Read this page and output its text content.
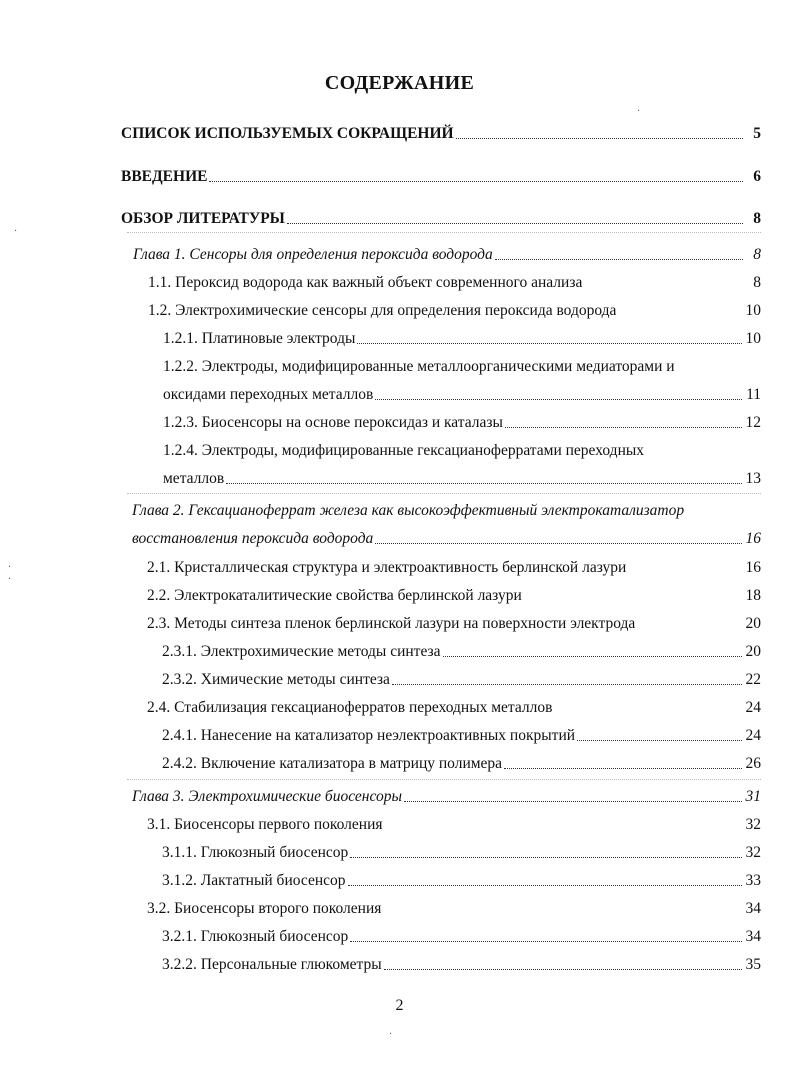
СОДЕРЖАНИЕ
СПИСОК ИСПОЛЬЗУЕМЫХ СОКРАЩЕНИЙ	5
ВВЕДЕНИЕ	6
ОБЗОР ЛИТЕРАТУРЫ	8
Глава 1. Сенсоры для определения пероксида водорода	8
1.1. Пероксид водорода как важный объект современного анализа	8
1.2. Электрохимические сенсоры для определения пероксида водорода	10
1.2.1. Платиновые электроды	10
1.2.2. Электроды, модифицированные металлоорганическими медиаторами и
оксидами переходных металлов	11
1.2.3. Биосенсоры на основе пероксидаз и каталазы	12
1.2.4. Электроды, модифицированные гексацианоферратами переходных
металлов	13
Глава 2. Гексацианоферрат железа как высокоэффективный электрокатализатор
восстановления пероксида водорода	16
2.1. Кристаллическая структура и электроактивность берлинской лазури	16
2.2. Электрокаталитические свойства берлинской лазури	18
2.3. Методы синтеза пленок берлинской лазури на поверхности электрода	20
2.3.1. Электрохимические методы синтеза	20
2.3.2. Химические методы синтеза	22
2.4. Стабилизация гексацианоферратов переходных металлов	24
2.4.1. Нанесение на катализатор неэлектроактивных покрытий	24
2.4.2. Включение катализатора в матрицу полимера	26
Глава 3. Электрохимические биосенсоры	31
3.1. Биосенсоры первого поколения	32
3.1.1. Глюкозный биосенсор	32
3.1.2. Лактатный биосенсор	33
3.2. Биосенсоры второго поколения	34
3.2.1. Глюкозный биосенсор	34
3.2.2. Персональные глюкометры	35
2
·
·
·
·
·
